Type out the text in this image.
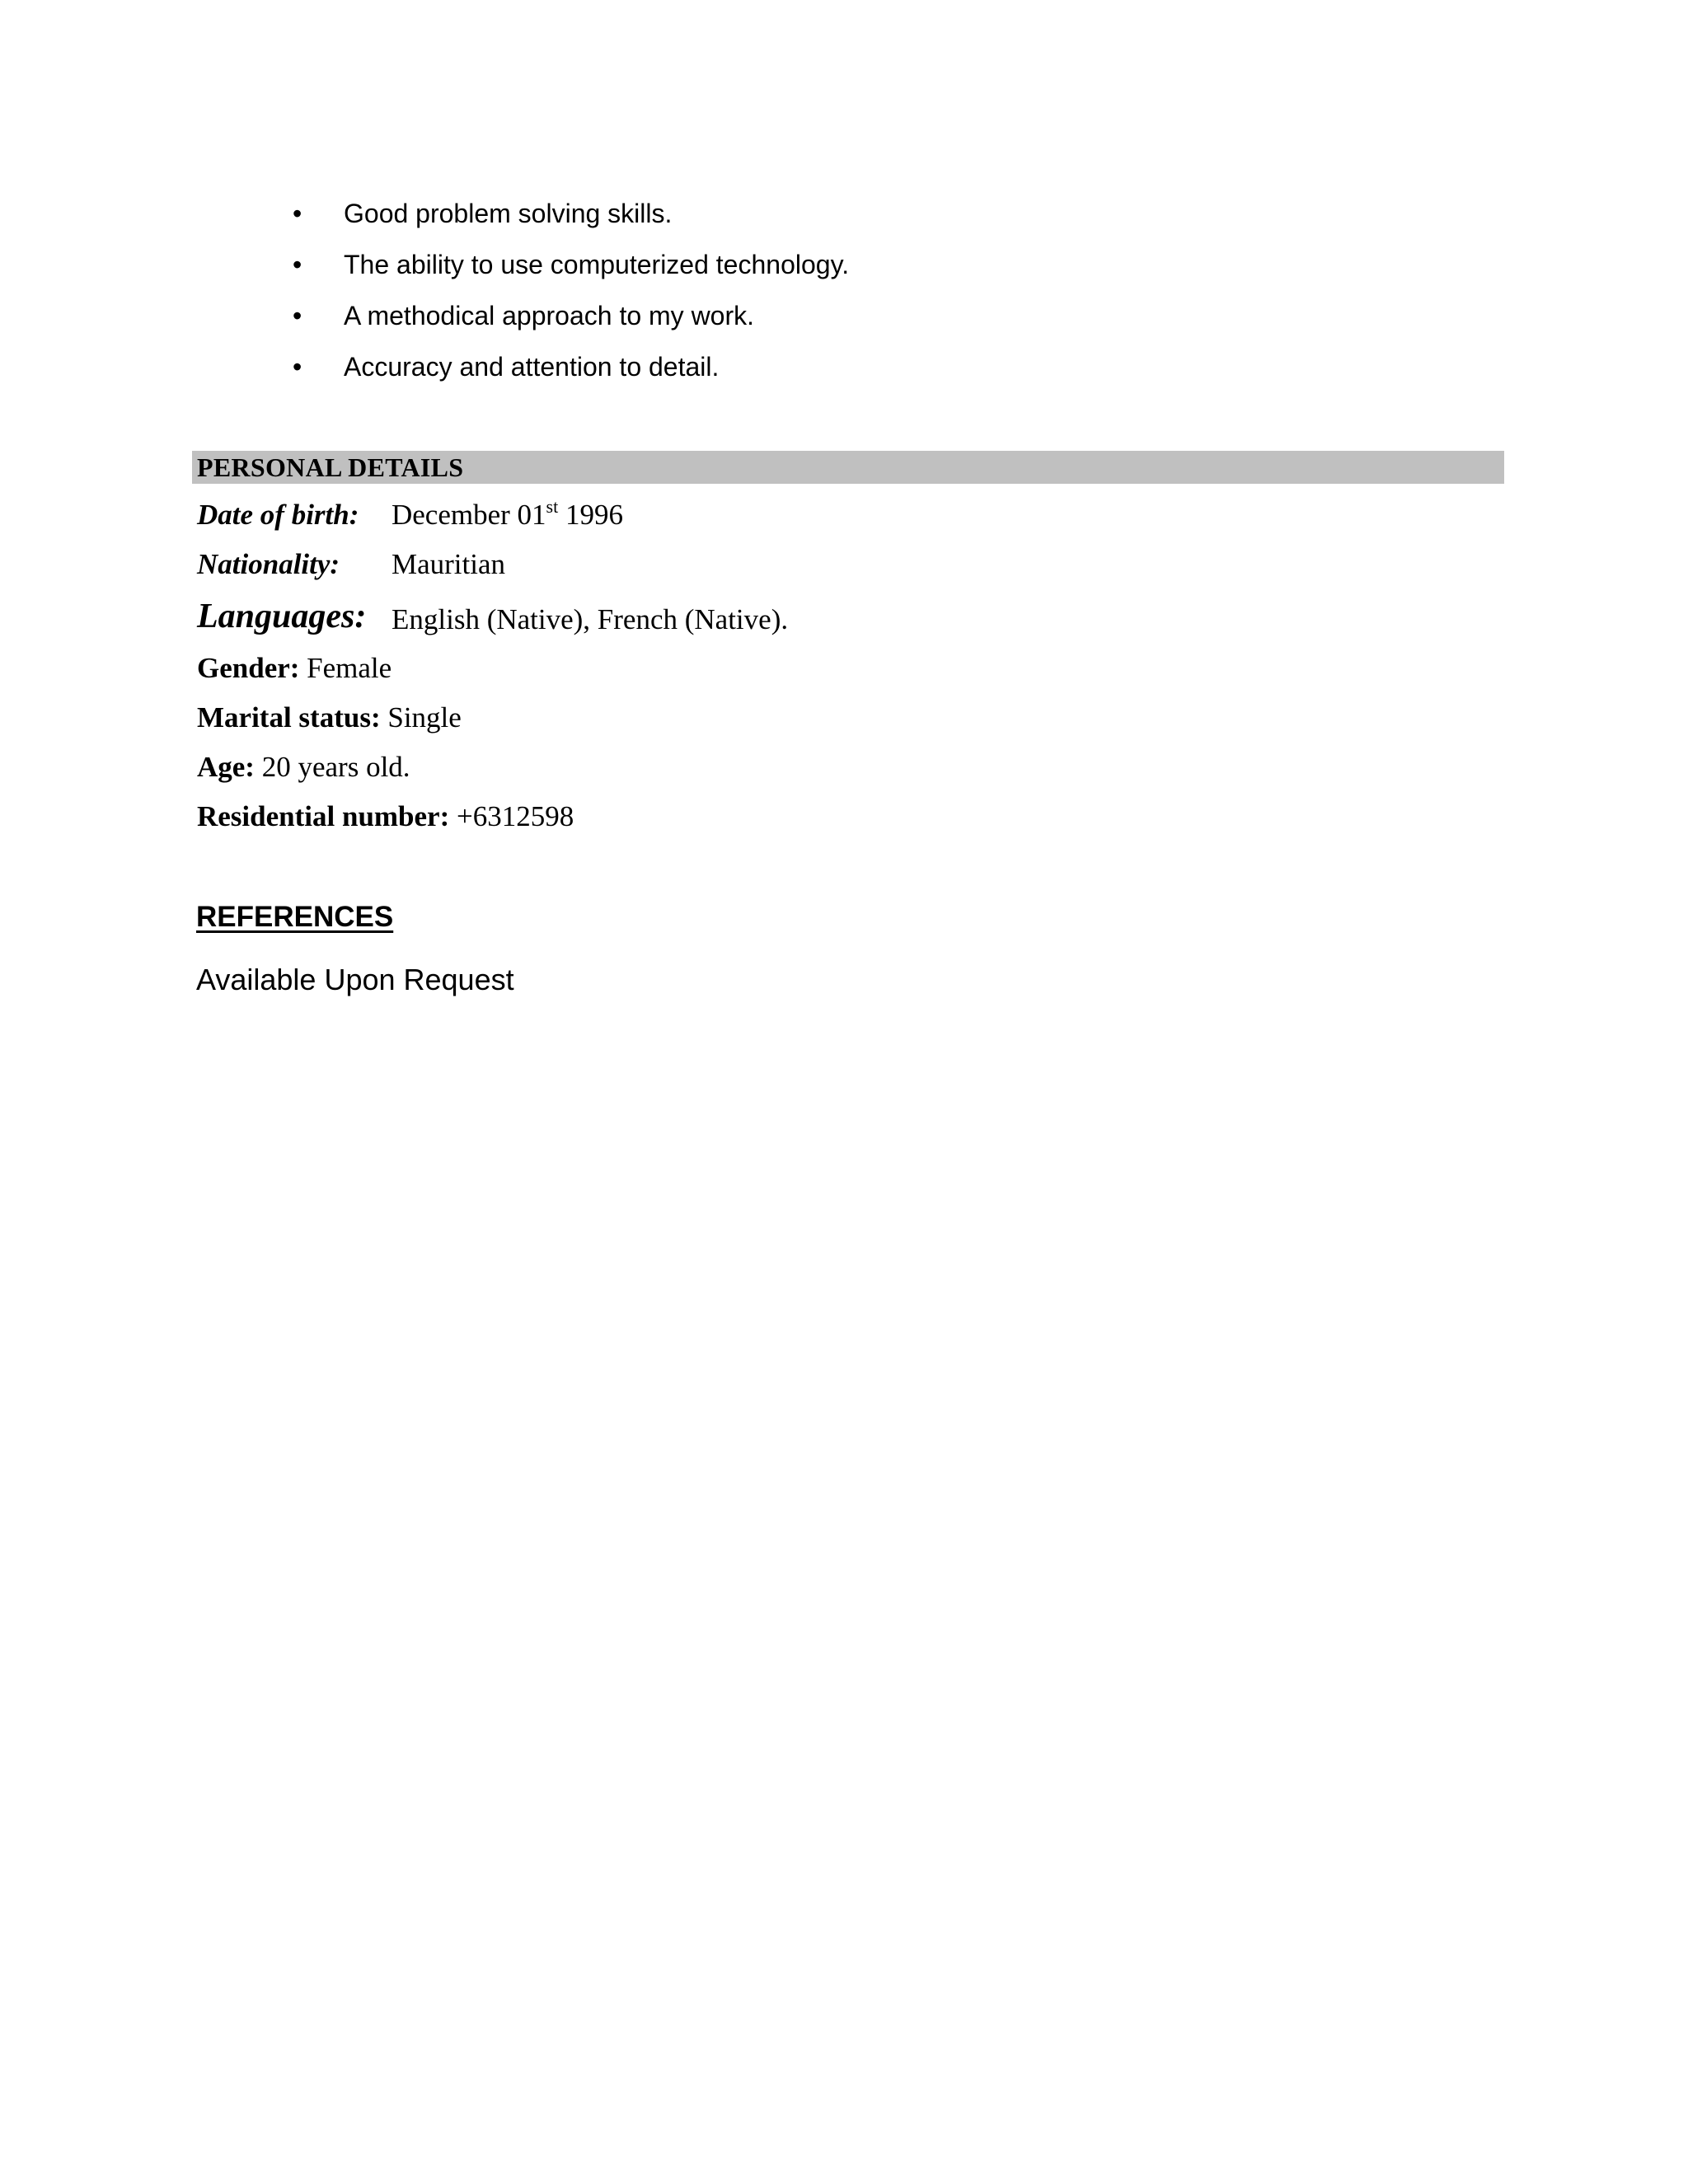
•	Good problem solving skills.
•	The ability to use computerized technology.
•	A methodical approach to my work.
•	Accuracy and attention to detail.
PERSONAL DETAILS
Date of birth: December 01st 1996
Nationality: Mauritian
Languages: English (Native), French (Native).
Gender: Female
Marital status: Single
Age: 20 years old.
Residential number: +6312598
REFERENCES
Available Upon Request
